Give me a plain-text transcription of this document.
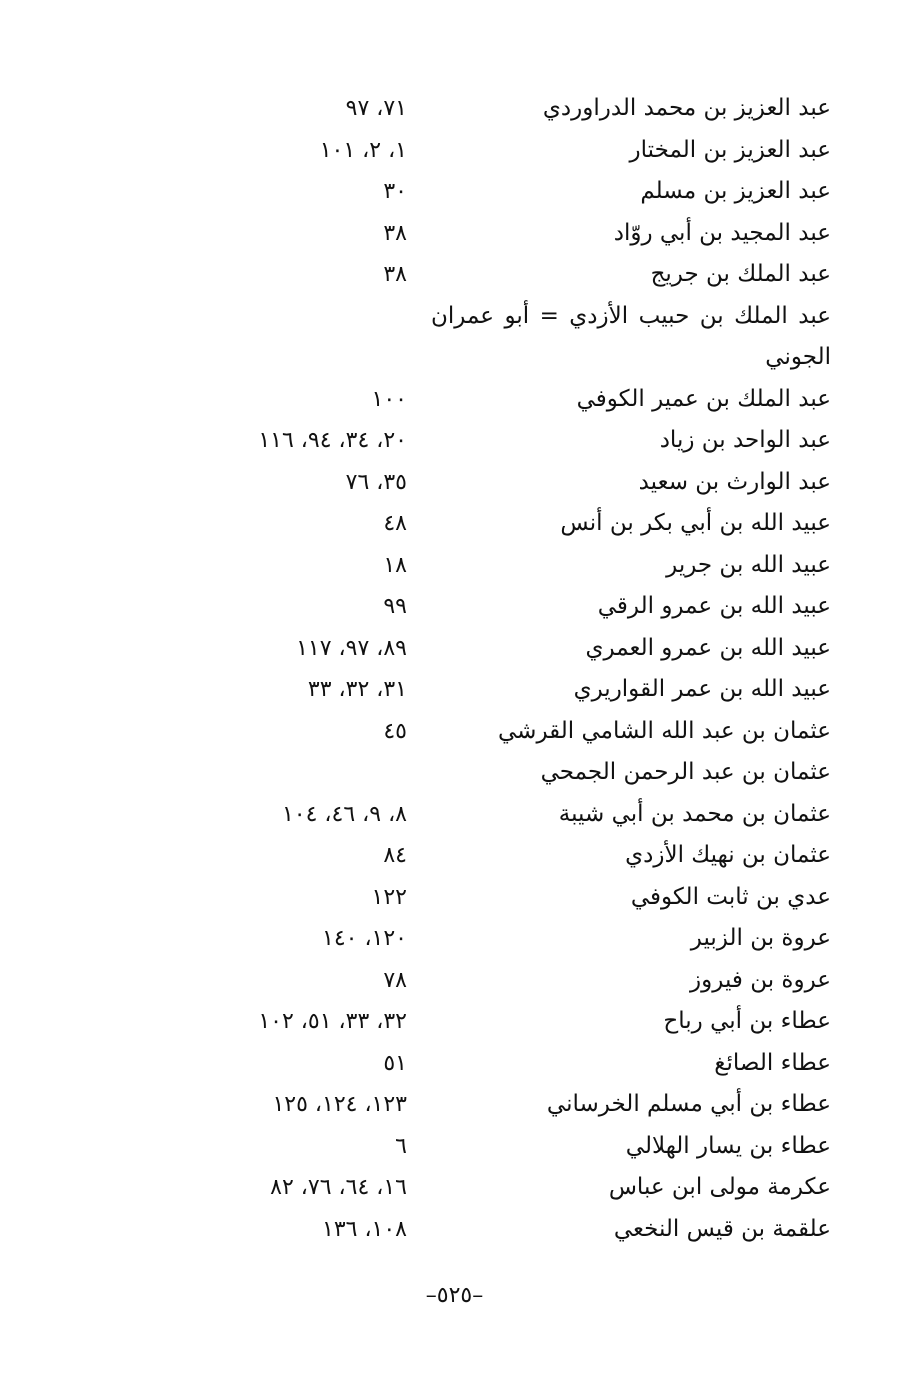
عبد العزيز بن محمد الدراوردي
٧١، ٩٧
عبد العزيز بن المختار
١، ٢، ١٠١
عبد العزيز بن مسلم
٣٠
عبد المجيد بن أبي روّاد
٣٨
عبد الملك بن جريج
٣٨
عبد الملك بن حبيب الأزدي = أبو عمران
الجوني
عبد الملك بن عمير الكوفي
١٠٠
عبد الواحد بن زياد
٢٠، ٣٤، ٩٤، ١١٦
عبد الوارث بن سعيد
٣٥، ٧٦
عبيد الله بن أبي بكر بن أنس
٤٨
عبيد الله بن جرير
١٨
عبيد الله بن عمرو الرقي
٩٩
عبيد الله بن عمرو العمري
٨٩، ٩٧، ١١٧
عبيد الله بن عمر القواريري
٣١، ٣٢، ٣٣
عثمان بن عبد الله الشامي القرشي
٤٥
عثمان بن عبد الرحمن الجمحي
عثمان بن محمد بن أبي شيبة
٨، ٩، ٤٦، ١٠٤
عثمان بن نهيك الأزدي
٨٤
عدي بن ثابت الكوفي
١٢٢
عروة بن الزبير
١٢٠، ١٤٠
عروة بن فيروز
٧٨
عطاء بن أبي رباح
٣٢، ٣٣، ٥١، ١٠٢
عطاء الصائغ
٥١
عطاء بن أبي مسلم الخرساني
١٢٣، ١٢٤، ١٢٥
عطاء بن يسار الهلالي
٦
عكرمة مولى ابن عباس
١٦، ٦٤، ٧٦، ٨٢
علقمة بن قيس النخعي
١٠٨، ١٣٦
–٥٢٥–
